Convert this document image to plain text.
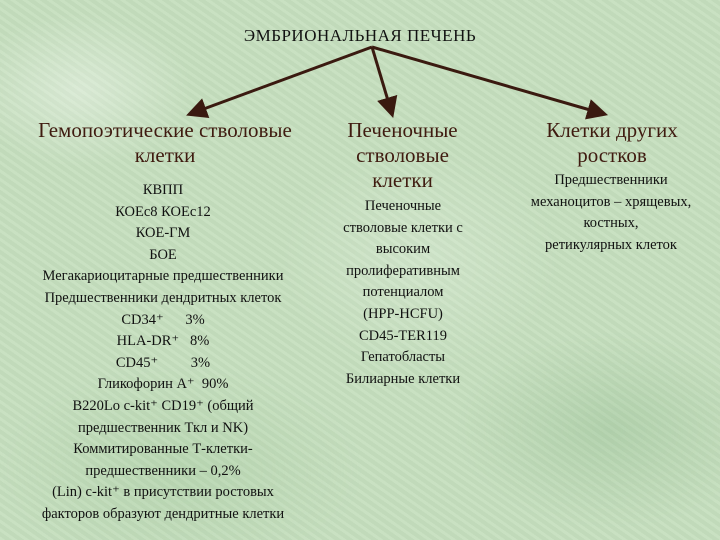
ЭМБРИОНАЛЬНАЯ ПЕЧЕНЬ
Гемопоэтические стволовые
клетки
КВПП
КОЕс8 КОЕс12
КОЕ-ГМ
БОЕ
Мегакариоцитарные предшественники
Предшественники дендритных клеток
CD34⁺      3%
HLA-DR⁺   8%
CD45⁺         3%
Гликофорин А⁺  90%
B220Lo c-kit⁺ CD19⁺ (общий
предшественник Ткл и NK)
Коммитированные Т-клетки-
предшественники – 0,2%
(Lin) c-kit⁺ в присутствии ростовых
факторов образуют дендритные клетки
Печеночные
стволовые
клетки
Печеночные
стволовые клетки с
высоким
пролиферативным
потенциалом
(HPP-HCFU)
CD45-TER119
Гепатобласты
Билиарные клетки
Клетки других
ростков
Предшественники
механоцитов – хрящевых,
костных,
ретикулярных клеток
